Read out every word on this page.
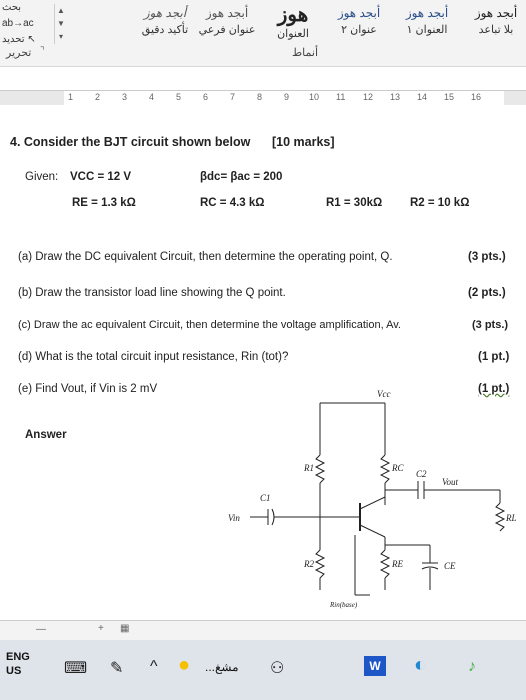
▲
▼
▾
أبجد هوز
بلا تباعد
أبجد هوز
العنوان ١
أبجد هوز
عنوان ٢
هوز
العنوان
أبجد هوز
عنوان فرعي
أبجد هوز
تأكيد دقيق
بحث
ab→ac
تحديد ↖
أنماط
تحرير ⌝
1 2 3 4 5 6 7 8 9 10 11 12 13 14 15 16
4. Consider the BJT circuit shown below [10 marks]
Given: VCC = 12 V	βdc= βac = 200
RE = 1.3 kΩ	RC = 4.3 kΩ	R1 = 30kΩ R2 = 10 kΩ
(a) Draw the DC equivalent Circuit, then determine the operating point, Q.	(3 pts.)
(b) Draw the transistor load line showing the Q point.	(2 pts.)
(c) Draw the ac equivalent Circuit, then determine the voltage amplification, Av.	(3 pts.)
(d) What is the total circuit input resistance, Rin (tot)?	(1 pt.)
(e) Find Vout, if Vin is 2 mV	(1 pt.)
Answer
Vcc
R1	RC
C1
Vin
C2
Vout
RL
R2	RE	CE
Rin(base)
—	+ ▦
ENG
US	⌨ ✎ ^ ● مشغ... ⚇	W ◐	♪
